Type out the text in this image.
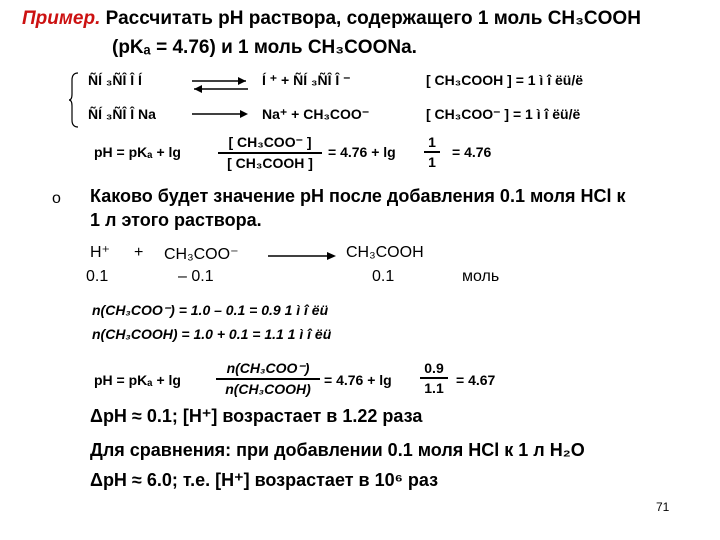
Пример. Рассчитать рН раствора, содержащего 1 моль CH₃COOH
(pKₐ = 4.76) и 1 моль CH₃COONa.
ÑÍ ₃ÑÎ Î Í	⇌ Í ⁺ + ÑÍ ₃ÑÎ Î ⁻	[ CH₃COOH ] = 1 ì î ëü/ë
ÑÍ ₃ÑÎ Î Na	Na⁺ + CH₃COO⁻	[ CH₃COO⁻ ] = 1 ì î ëü/ë
pH = pKₐ + lg
[ CH₃COO⁻ ]
[ CH₃COOH ]
= 4.76 + lg
1
1
= 4.76
o Каково будет значение рН после добавления 0.1 моля HCl к
1 л этого раствора.
H⁺ + CH₃COO⁻	CH₃COOH
0.1	– 0.1	0.1	моль
n(CH₃COO⁻) = 1.0 – 0.1 = 0.9 1 ì î ëü
n(CH₃COOH) = 1.0 + 0.1 = 1.1 1 ì î ëü
pH = pKₐ + lg
n(CH₃COO⁻)
n(CH₃COOH)
= 4.76 + lg
0.9
1.1 = 4.67
ΔрН ≈ 0.1; [H⁺] возрастает в 1.22 раза
Для сравнения: при добавлении 0.1 моля HCl к 1 л H₂O
ΔрН ≈ 6.0; т.е. [H⁺] возрастает в 10⁶ раз
71
